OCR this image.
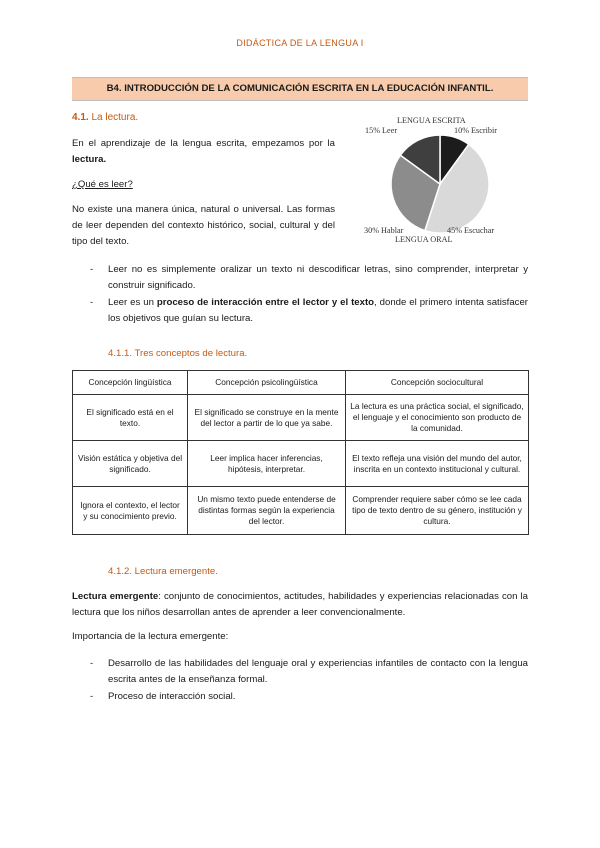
DIDÁCTICA DE LA LENGUA I
B4. INTRODUCCIÓN DE LA COMUNICACIÓN ESCRITA EN LA EDUCACIÓN INFANTIL.
4.1. La lectura.
En el aprendizaje de la lengua escrita, empezamos por la lectura.
¿Qué es leer?
No existe una manera única, natural o universal. Las formas de leer dependen del contexto histórico, social, cultural y del tipo del texto.
LENGUA ESCRITA
LENGUA ORAL
10% Escribir
45% Escuchar
30% Hablar
15% Leer
- Leer no es simplemente oralizar un texto ni descodificar letras, sino comprender, interpretar y construir significado.
- Leer es un proceso de interacción entre el lector y el texto, donde el primero intenta satisfacer los objetivos que guían su lectura.
4.1.1. Tres conceptos de lectura.
Concepción lingüística	Concepción psicolingüística	Concepción sociocultural
El significado está en el texto.	El significado se construye en la mente del lector a partir de lo que ya sabe.	La lectura es una práctica social, el significado, el lenguaje y el conocimiento son producto de la comunidad.
Visión estática y objetiva del significado.	Leer implica hacer inferencias, hipótesis, interpretar.	El texto refleja una visión del mundo del autor, inscrita en un contexto institucional y cultural.
Ignora el contexto, el lector y su conocimiento previo.	Un mismo texto puede entenderse de distintas formas según la experiencia del lector.	Comprender requiere saber cómo se lee cada tipo de texto dentro de su género, institución y cultura.
4.1.2. Lectura emergente.
Lectura emergente: conjunto de conocimientos, actitudes, habilidades y experiencias relacionadas con la lectura que los niños desarrollan antes de aprender a leer convencionalmente.
Importancia de la lectura emergente:
- Desarrollo de las habilidades del lenguaje oral y experiencias infantiles de contacto con la lengua escrita antes de la enseñanza formal.
- Proceso de interacción social.
